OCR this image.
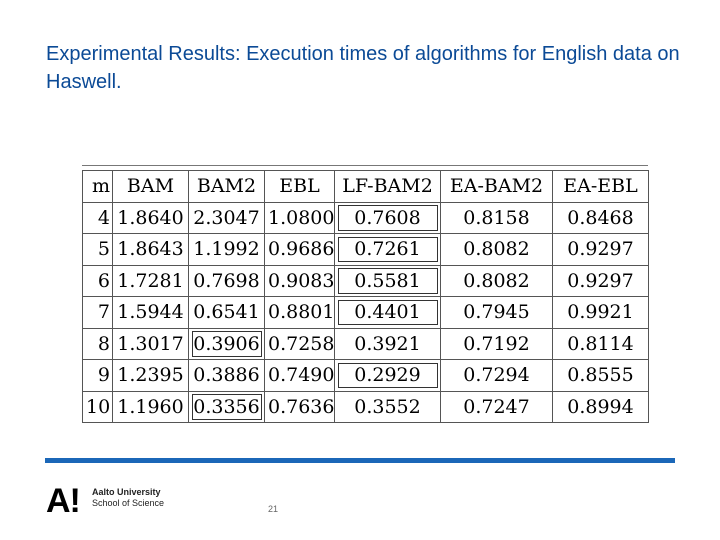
Experimental Results: Execution times of algorithms for English data on Haswell.
m	BAM	BAM2	EBL	LF-BAM2	EA-BAM2	EA-EBL
4	1.8640	2.3047	1.0800	0.7608	0.8158	0.8468
5	1.8643	1.1992	0.9686	0.7261	0.8082	0.9297
6	1.7281	0.7698	0.9083	0.5581	0.8082	0.9297
7	1.5944	0.6541	0.8801	0.4401	0.7945	0.9921
8	1.3017	0.3906	0.7258	0.3921	0.7192	0.8114
9	1.2395	0.3886	0.7490	0.2929	0.7294	0.8555
10	1.1960	0.3356	0.7636	0.3552	0.7247	0.8994
A! Aalto University
School of Science
21
